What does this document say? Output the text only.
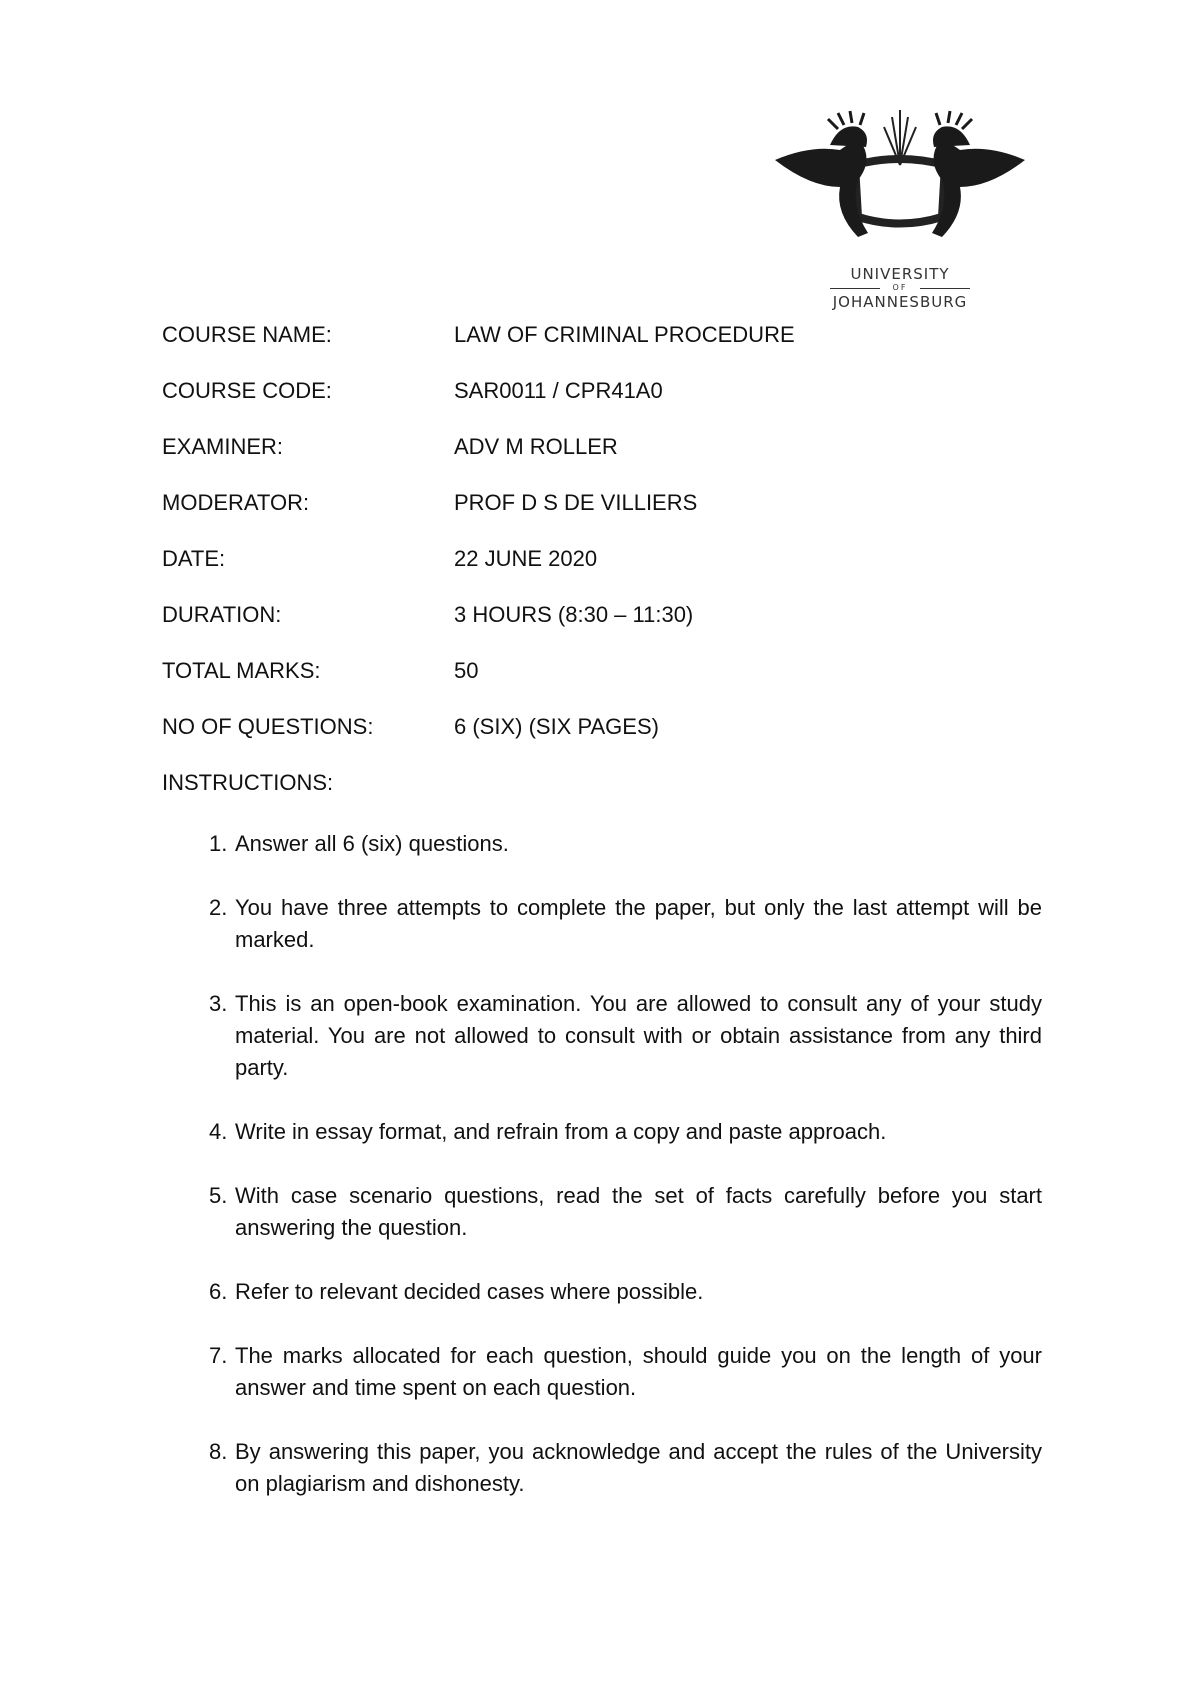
UNIVERSITY
OF
JOHANNESBURG
COURSE NAME:	LAW OF CRIMINAL PROCEDURE
COURSE CODE:	SAR0011 / CPR41A0
EXAMINER:	ADV M ROLLER
MODERATOR:	PROF D S DE VILLIERS
DATE:	22 JUNE 2020
DURATION:	3 HOURS (8:30 – 11:30)
TOTAL MARKS:	50
NO OF QUESTIONS:	6 (SIX) (SIX PAGES)
INSTRUCTIONS:
1. Answer all 6 (six) questions.
2. You have three attempts to complete the paper, but only the last attempt will be marked.
3. This is an open-book examination. You are allowed to consult any of your study material. You are not allowed to consult with or obtain assistance from any third party.
4. Write in essay format, and refrain from a copy and paste approach.
5. With case scenario questions, read the set of facts carefully before you start answering the question.
6. Refer to relevant decided cases where possible.
7. The marks allocated for each question, should guide you on the length of your answer and time spent on each question.
8. By answering this paper, you acknowledge and accept the rules of the University on plagiarism and dishonesty.
